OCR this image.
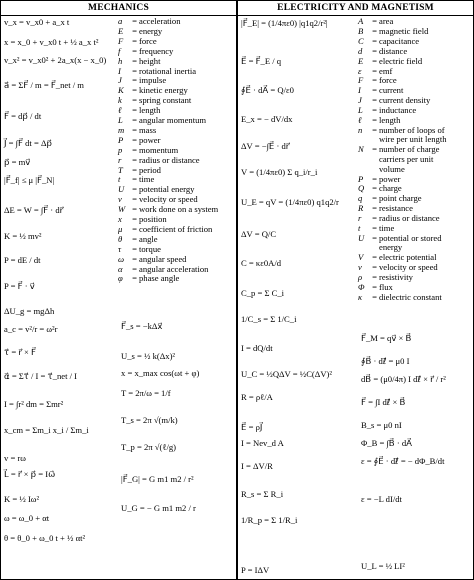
MECHANICS
v_x = v_x0 + a_x t
x = x_0 + v_x0 t + ½ a_x t²
v_x² = v_x0² + 2a_x(x − x_0)
a⃗ = ΣF⃗ / m = F⃗_net / m
F⃗ = dp⃗ / dt
J⃗ = ∫F⃗ dt = Δp⃗
p⃗ = mv⃗
|F⃗_f| ≤ μ |F⃗_N|
ΔE = W = ∫F⃗ · dr⃗
K = ½ mv²
P = dE / dt
P = F⃗ · v⃗
ΔU_g = mgΔh
a_c = v²/r = ω²r
τ⃗ = r⃗ × F⃗
α⃗ = Στ⃗ / I = τ⃗_net / I
I = ∫r² dm = Σmr²
x_cm = Σm_i x_i / Σm_i
v = rω
L⃗ = r⃗ × p⃗ = Iω⃗
K = ½ Iω²
ω = ω_0 + αt
θ = θ_0 + ω_0 t + ½ αt²
F⃗_s = −kΔx⃗
U_s = ½ k(Δx)²
x = x_max cos(ωt + φ)
T = 2π/ω = 1/f
T_s = 2π √(m/k)
T_p = 2π √(ℓ/g)
|F⃗_G| = G m1 m2 / r²
U_G = − G m1 m2 / r
a = acceleration
E = energy
F = force
f = frequency
h = height
I = rotational inertia
J = impulse
K = kinetic energy
k = spring constant
ℓ = length
L = angular momentum
m = mass
P = power
p = momentum
r = radius or distance
T = period
t = time
U = potential energy
v = velocity or speed
W = work done on a system
x = position
μ = coefficient of friction
θ = angle
τ = torque
ω = angular speed
α = angular acceleration
φ = phase angle
ELECTRICITY AND MAGNETISM
|F⃗_E| = (1/4πε0) |q1q2/r²|
E⃗ = F⃗_E / q
∮E⃗ · dA⃗ = Q/ε0
E_x = − dV/dx
ΔV = −∫E⃗ · dr⃗
V = (1/4πε0) Σ q_i/r_i
U_E = qV = (1/4πε0) q1q2/r
ΔV = Q/C
C = κε0A/d
C_p = Σ C_i
1/C_s = Σ 1/C_i
I = dQ/dt
U_C = ½QΔV = ½C(ΔV)²
R = ρℓ/A
E⃗ = ρJ⃗
I = Nev_d A
I = ΔV/R
R_s = Σ R_i
1/R_p = Σ 1/R_i
P = IΔV
A = area
B = magnetic field
C = capacitance
d = distance
E = electric field
ε = emf
F = force
I = current
J = current density
L = inductance
ℓ = length
n = number of loops of
wire per unit length
N = number of charge
carriers per unit
volume
P = power
Q = charge
q = point charge
R = resistance
r = radius or distance
t = time
U = potential or stored
energy
V = electric potential
v = velocity or speed
ρ = resistivity
Φ = flux
κ = dielectric constant
F⃗_M = qv⃗ × B⃗
∮B⃗ · dℓ⃗ = μ0 I
dB⃗ = (μ0/4π) I dℓ⃗ × r⃗ / r²
F⃗ = ∫I dℓ⃗ × B⃗
B_s = μ0 nI
Φ_B = ∫B⃗ · dA⃗
ε = ∮E⃗ · dℓ⃗ = − dΦ_B/dt
ε = −L dI/dt
U_L = ½ LI²
